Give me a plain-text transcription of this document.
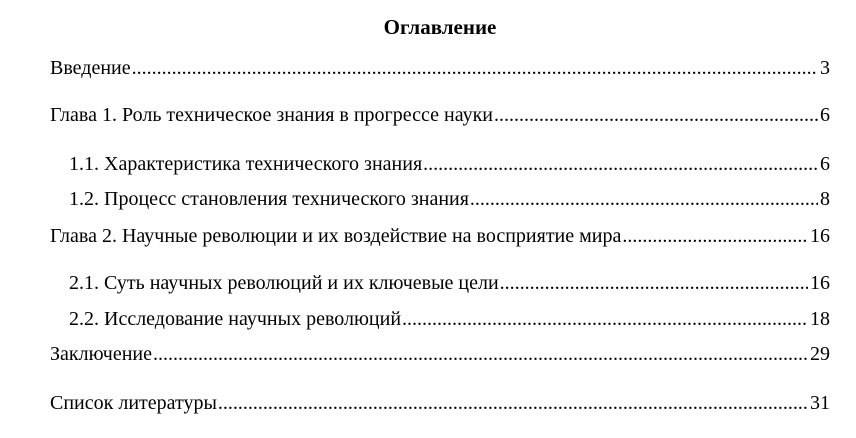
Оглавление
Введение .....	3
Глава 1. Роль техническое знания в прогрессе науки .....	6
1.1. Характеристика технического знания .....	6
1.2. Процесс становления технического знания .....	8
Глава 2. Научные революции и их воздействие на восприятие мира .....	16
2.1. Суть научных революций и их ключевые цели .....	16
2.2. Исследование научных революций .....	18
Заключение .....	29
Список литературы .....	31
